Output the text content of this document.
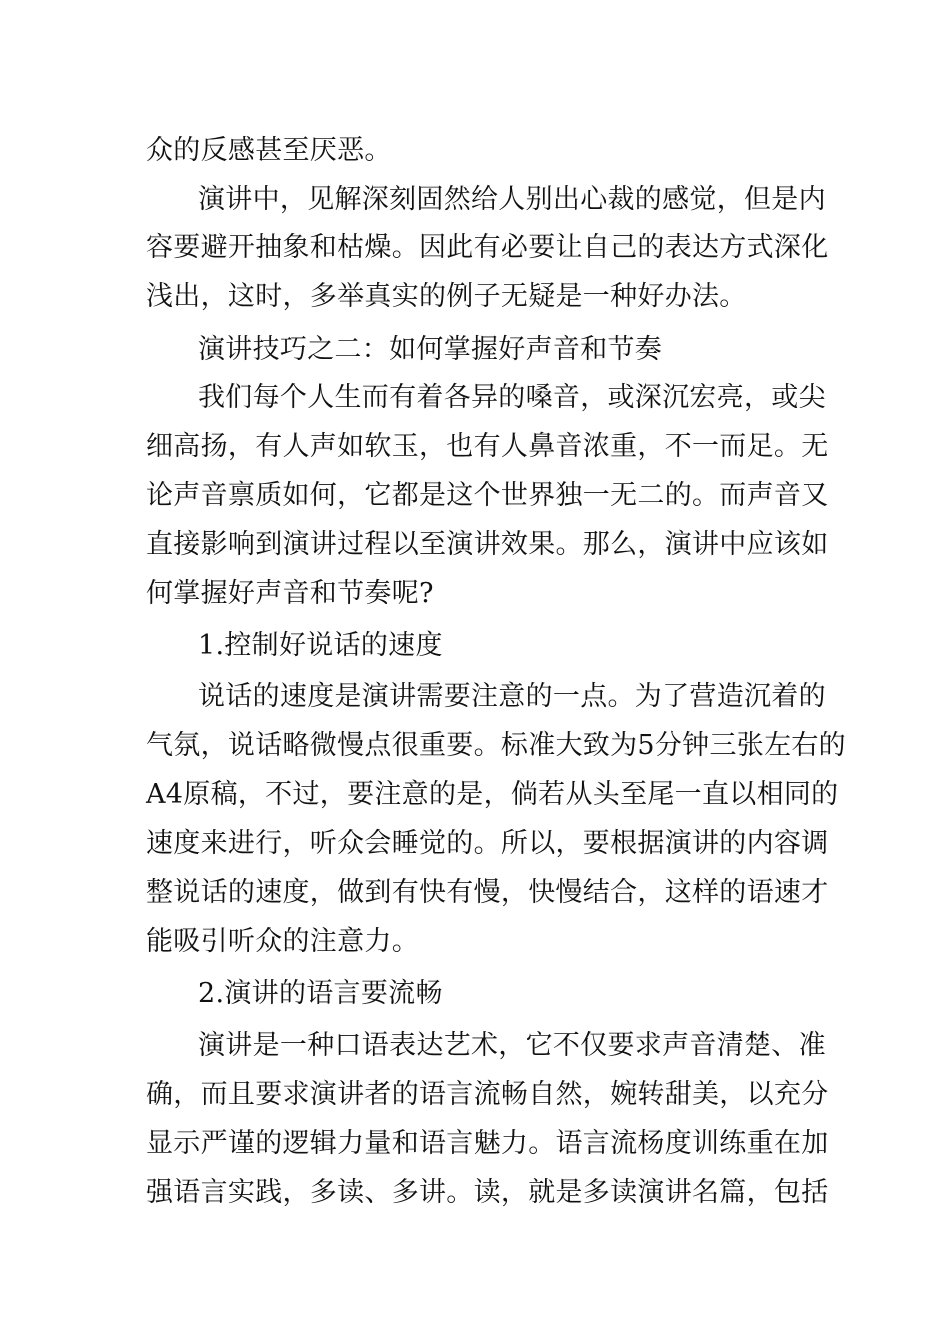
众的反感甚至厌恶。
演讲中，见解深刻固然给人别出心裁的感觉，但是内
容要避开抽象和枯燥。因此有必要让自己的表达方式深化
浅出，这时，多举真实的例子无疑是一种好办法。
演讲技巧之二：如何掌握好声音和节奏
我们每个人生而有着各异的嗓音，或深沉宏亮，或尖
细高扬，有人声如软玉，也有人鼻音浓重，不一而足。无
论声音禀质如何，它都是这个世界独一无二的。而声音又
直接影响到演讲过程以至演讲效果。那么，演讲中应该如
何掌握好声音和节奏呢?
1.控制好说话的速度
说话的速度是演讲需要注意的一点。为了营造沉着的
气氛，说话略微慢点很重要。标准大致为5分钟三张左右的
A4原稿，不过，要注意的是，倘若从头至尾一直以相同的
速度来进行，听众会睡觉的。所以，要根据演讲的内容调
整说话的速度，做到有快有慢，快慢结合，这样的语速才
能吸引听众的注意力。
2.演讲的语言要流畅
演讲是一种口语表达艺术，它不仅要求声音清楚、准
确，而且要求演讲者的语言流畅自然，婉转甜美，以充分
显示严谨的逻辑力量和语言魅力。语言流杨度训练重在加
强语言实践，多读、多讲。读，就是多读演讲名篇，包括
